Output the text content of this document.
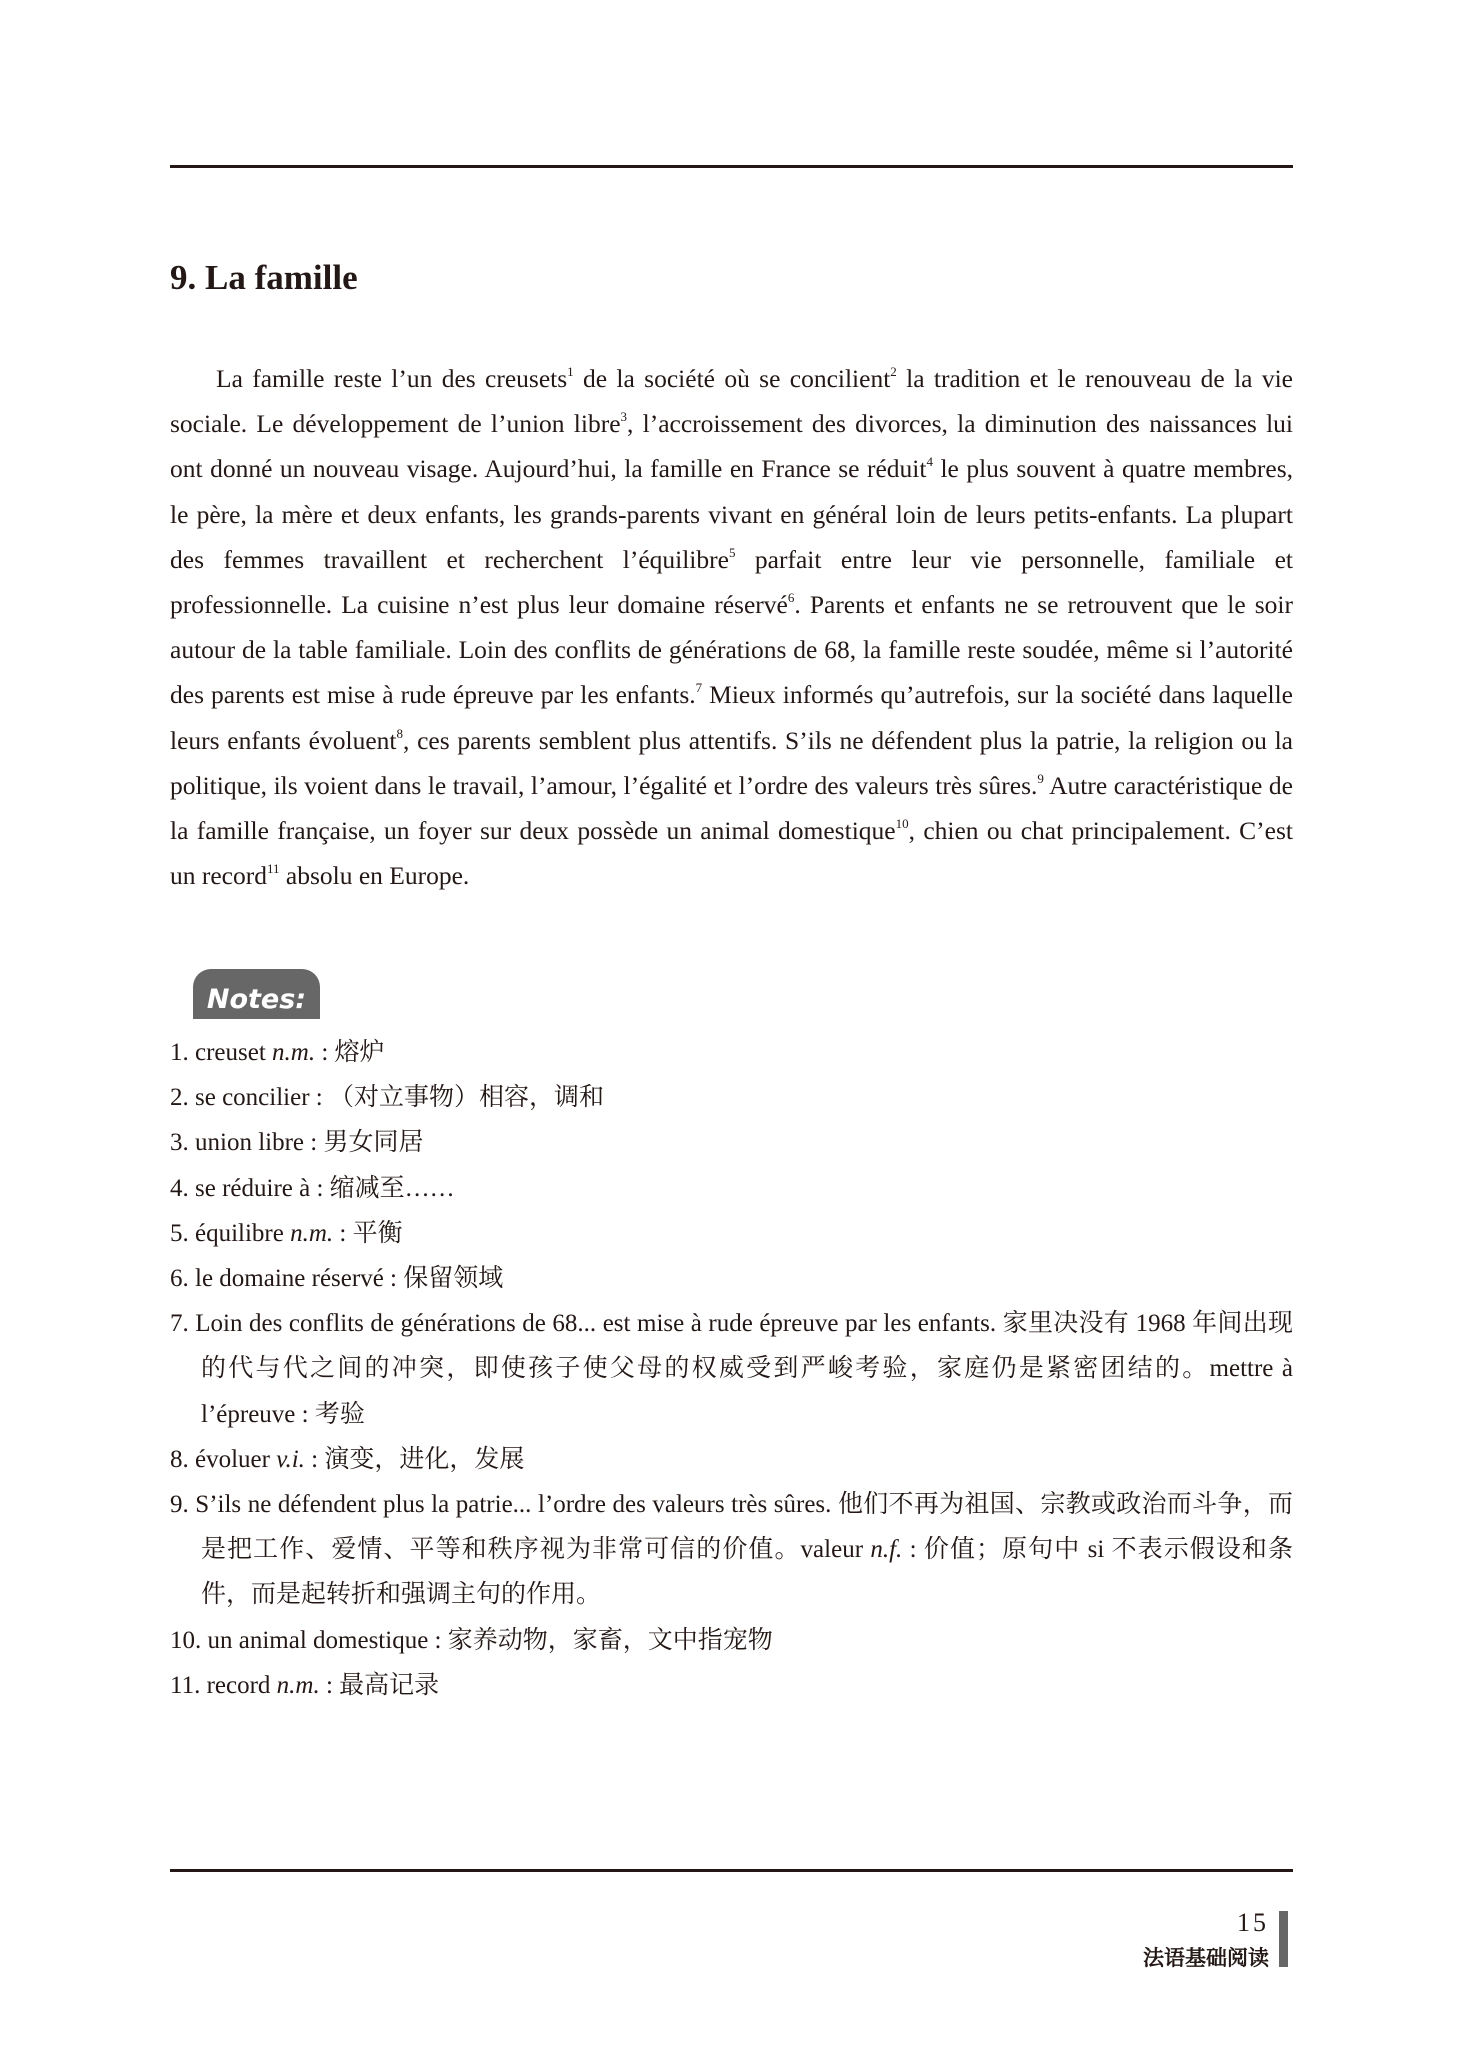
9. La famille

La famille reste l’un des creusets$^1$ de la société où se concilient$^2$ la tradition et le renouveau de la vie sociale. Le développement de l’union libre$^3$, l’accroissement des divorces, la diminution des naissances lui ont donné un nouveau visage. Aujourd’hui, la famille en France se réduit$^4$ le plus souvent à quatre membres, le père, la mère et deux enfants, les grands-parents vivant en général loin de leurs petits-enfants. La plupart des femmes travaillent et recherchent l’équilibre$^5$ parfait entre leur vie personnelle, familiale et professionnelle. La cuisine n’est plus leur domaine réservé$^6$. Parents et enfants ne se retrouvent que le soir autour de la table familiale. Loin des conflits de générations de 68, la famille reste soudée, même si l’autorité des parents est mise à rude épreuve par les enfants.$^7$ Mieux informés qu’autrefois, sur la société dans laquelle leurs enfants évoluent$^8$, ces parents semblent plus attentifs. S’ils ne défendent plus la patrie, la religion ou la politique, ils voient dans le travail, l’amour, l’égalité et l’ordre des valeurs très sûres.$^9$ Autre caractéristique de la famille française, un foyer sur deux possède un animal domestique$^{10}$, chien ou chat principalement. C’est un record$^{11}$ absolu en Europe.

Notes:
1. creuset n.m. : 熔炉
2. se concilier : （对立事物）相容，调和
3. union libre : 男女同居
4. se réduire à : 缩减至……
5. équilibre n.m. : 平衡
6. le domaine réservé : 保留领域
7. Loin des conflits de générations de 68... est mise à rude épreuve par les enfants. 家里决没有 1968 年间出现的代与代之间的冲突，即使孩子使父母的权威受到严峻考验，家庭仍是紧密团结的。mettre à l’épreuve : 考验
8. évoluer v.i. : 演变，进化，发展
9. S’ils ne défendent plus la patrie... l’ordre des valeurs très sûres. 他们不再为祖国、宗教或政治而斗争，而是把工作、爱情、平等和秩序视为非常可信的价值。valeur n.f. : 价值；原句中 si 不表示假设和条件，而是起转折和强调主句的作用。
10. un animal domestique : 家养动物，家畜，文中指宠物
11. record n.m. : 最高记录
15
法语基础阅读
